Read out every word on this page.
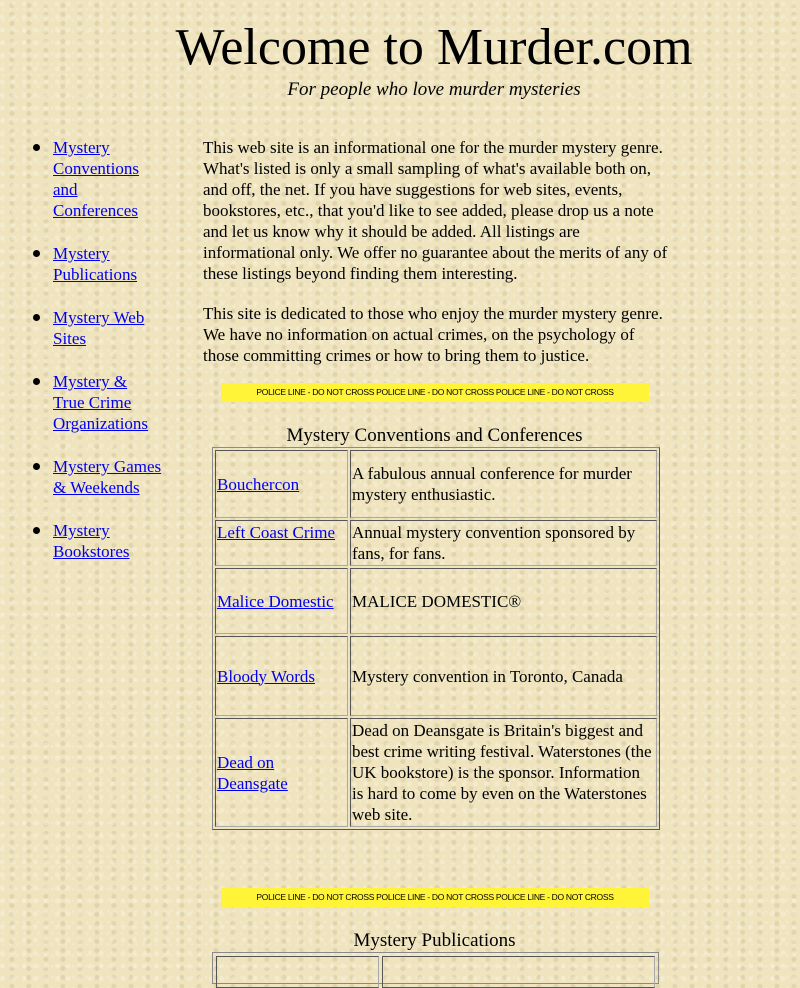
Welcome to Murder.com
For people who love murder mysteries
Mystery Conventions and Conferences
Mystery Publications
Mystery Web Sites
Mystery & True Crime Organizations
Mystery Games & Weekends
Mystery Bookstores

This web site is an informational one for the murder mystery genre. What's listed is only a small sampling of what's available both on, and off, the net. If you have suggestions for web sites, events, bookstores, etc., that you'd like to see added, please drop us a note and let us know why it should be added. All listings are informational only. We offer no guarantee about the merits of any of these listings beyond finding them interesting.

This site is dedicated to those who enjoy the murder mystery genre. We have no information on actual crimes, on the psychology of those committing crimes or how to bring them to justice.

POLICE LINE - DO NOT CROSS POLICE LINE - DO NOT CROSS POLICE LINE - DO NOT CROSS
Mystery Conventions and Conferences
Bouchercon	A fabulous annual conference for murder mystery enthusiastic.
Left Coast Crime	Annual mystery convention sponsored by fans, for fans.
Malice Domestic	MALICE DOMESTIC®
Bloody Words	Mystery convention in Toronto, Canada
Dead on Deansgate	Dead on Deansgate is Britain's biggest and best crime writing festival. Waterstones (the UK bookstore) is the sponsor. Information is hard to come by even on the Waterstones web site.
POLICE LINE - DO NOT CROSS POLICE LINE - DO NOT CROSS POLICE LINE - DO NOT CROSS
Mystery Publications
